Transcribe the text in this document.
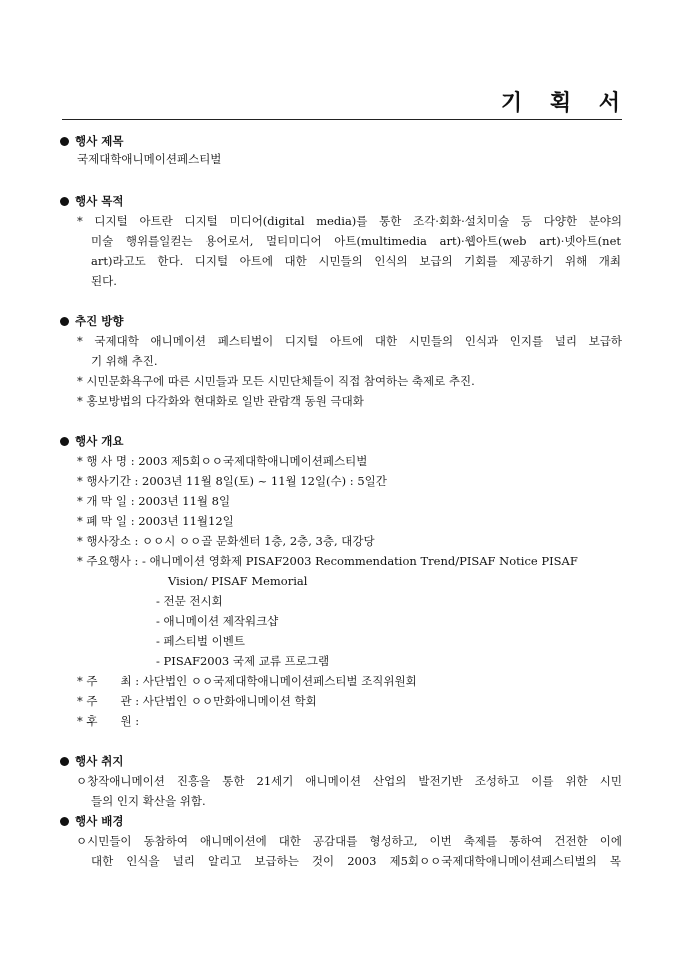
기 획 서
행사 제목
국제대학애니메이션페스티벌
행사 목적
* 디지털 아트란 디지털 미디어(digital media)를 통한 조각·회화·설치미술 등 다양한 분야의
미술 행위를일컫는 용어로서, 멀티미디어 아트(multimedia art)·웹아트(web art)·넷아트(net
art)라고도 한다. 디지털 아트에 대한 시민들의 인식의 보급의 기회를 제공하기 위해 개최
된다.
추진 방향
* 국제대학 애니메이션 페스티벌이 디지털 아트에 대한 시민들의 인식과 인지를 널리 보급하
기 위해 추진.
* 시민문화욕구에 따른 시민들과 모든 시민단체들이 직접 참여하는 축제로 추진.
* 홍보방법의 다각화와 현대화로 일반 관람객 동원 극대화
행사 개요
* 행 사 명 : 2003 제5회ㅇㅇ국제대학애니메이션페스티벌
* 행사기간 : 2003년 11월 8일(토) ~ 11월 12일(수) : 5일간
* 개 막 일 : 2003년 11월 8일
* 폐 막 일 : 2003년 11월12일
* 행사장소 : ㅇㅇ시 ㅇㅇ골 문화센터 1층, 2층, 3층, 대강당
* 주요행사 : - 애니메이션 영화제 PISAF2003 Recommendation Trend/PISAF Notice PISAF
Vision/ PISAF Memorial
- 전문 전시회
- 애니메이션 제작워크샵
- 페스티벌 이벤트
- PISAF2003 국제 교류 프로그램
* 주　　최 : 사단법인 ㅇㅇ국제대학애니메이션페스티벌 조직위원회
* 주　　관 : 사단법인 ㅇㅇ만화애니메이션 학회
* 후　　원 :
행사 취지
ㅇ창작애니메이션 진흥을 통한 21세기 애니메이션 산업의 발전기반 조성하고 이를 위한 시민
들의 인지 확산을 위함.
행사 배경
ㅇ시민들이 동참하여 애니메이션에 대한 공감대를 형성하고, 이번 축제를 통하여 건전한 이에
대한 인식을 널리 알리고 보급하는 것이 2003 제5회ㅇㅇ국제대학애니메이션페스티벌의 목
